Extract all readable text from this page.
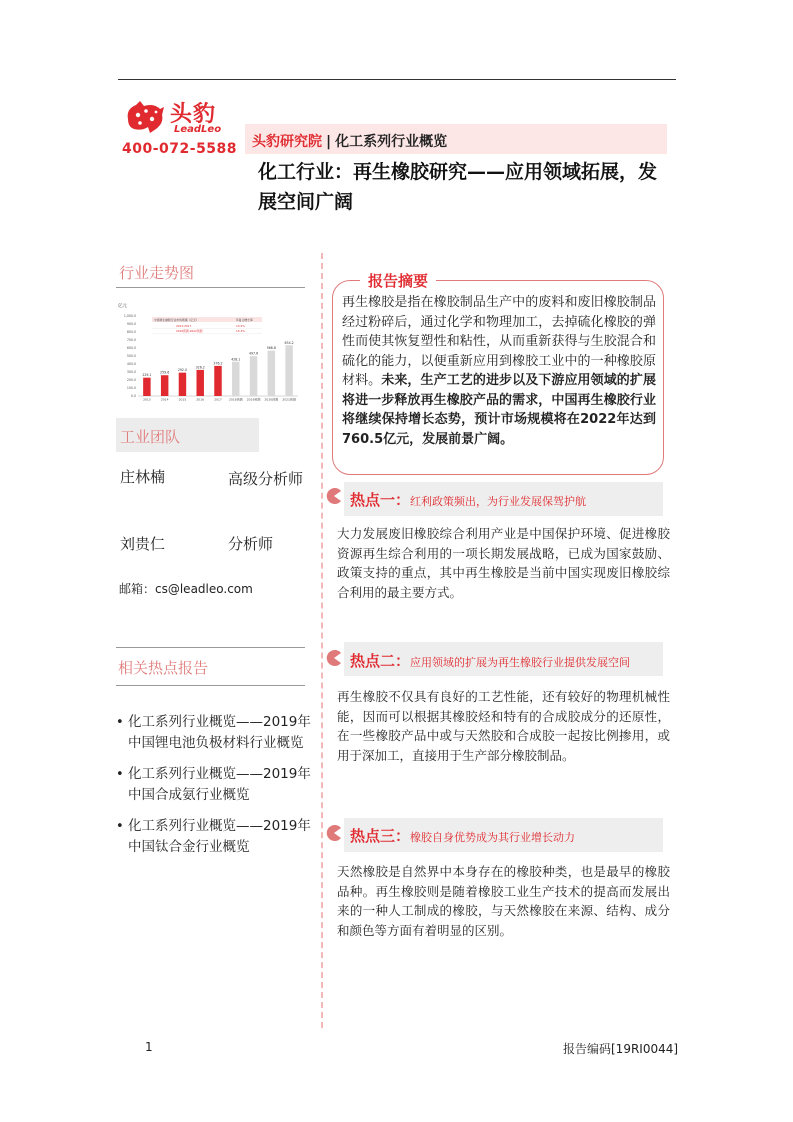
头豹
LeadLeo
400-072-5588 头豹研究院 | 化工系列行业概览
化工行业：再生橡胶研究——应用领域拓展，发展空间广阔
行业走势图
亿元
1,000.0
900.0
800.0
700.0
600.0
500.0
400.0
300.0
200.0
100.0
0.0
中国再生橡胶行业市场规模（亿元）	年复合增长率
2013-2017	13.2%
2018预测-2022预测	15.3%
229.1
2013
259.6
2014
292.0
2015
326.2
2016
376.2
2017
428.1
2018预测
497.6
2019预测
566.8
2020预测
634.2
2021预测
工业团队
庄林楠	高级分析师
刘贵仁	分析师
邮箱：cs@leadleo.com
相关热点报告
• 化工系列行业概览——2019年中国锂电池负极材料行业概览
• 化工系列行业概览——2019年中国合成氨行业概览
• 化工系列行业概览——2019年中国钛合金行业概览
报告摘要
再生橡胶是指在橡胶制品生产中的废料和废旧橡胶制品经过粉碎后，通过化学和物理加工，去掉硫化橡胶的弹性而使其恢复塑性和粘性，从而重新获得与生胶混合和硫化的能力，以便重新应用到橡胶工业中的一种橡胶原材料。未来，生产工艺的进步以及下游应用领域的扩展将进一步释放再生橡胶产品的需求，中国再生橡胶行业将继续保持增长态势，预计市场规模将在2022年达到760.5亿元，发展前景广阔。
热点一：红利政策频出，为行业发展保驾护航
大力发展废旧橡胶综合利用产业是中国保护环境、促进橡胶资源再生综合利用的一项长期发展战略，已成为国家鼓励、政策支持的重点，其中再生橡胶是当前中国实现废旧橡胶综合利用的最主要方式。
热点二：应用领域的扩展为再生橡胶行业提供发展空间
再生橡胶不仅具有良好的工艺性能，还有较好的物理机械性能，因而可以根据其橡胶烃和特有的合成胶成分的还原性，在一些橡胶产品中或与天然胶和合成胶一起按比例掺用，或用于深加工，直接用于生产部分橡胶制品。
热点三：橡胶自身优势成为其行业增长动力
天然橡胶是自然界中本身存在的橡胶种类，也是最早的橡胶品种。再生橡胶则是随着橡胶工业生产技术的提高而发展出来的一种人工制成的橡胶，与天然橡胶在来源、结构、成分和颜色等方面有着明显的区别。
1	报告编码[19RI0044]
